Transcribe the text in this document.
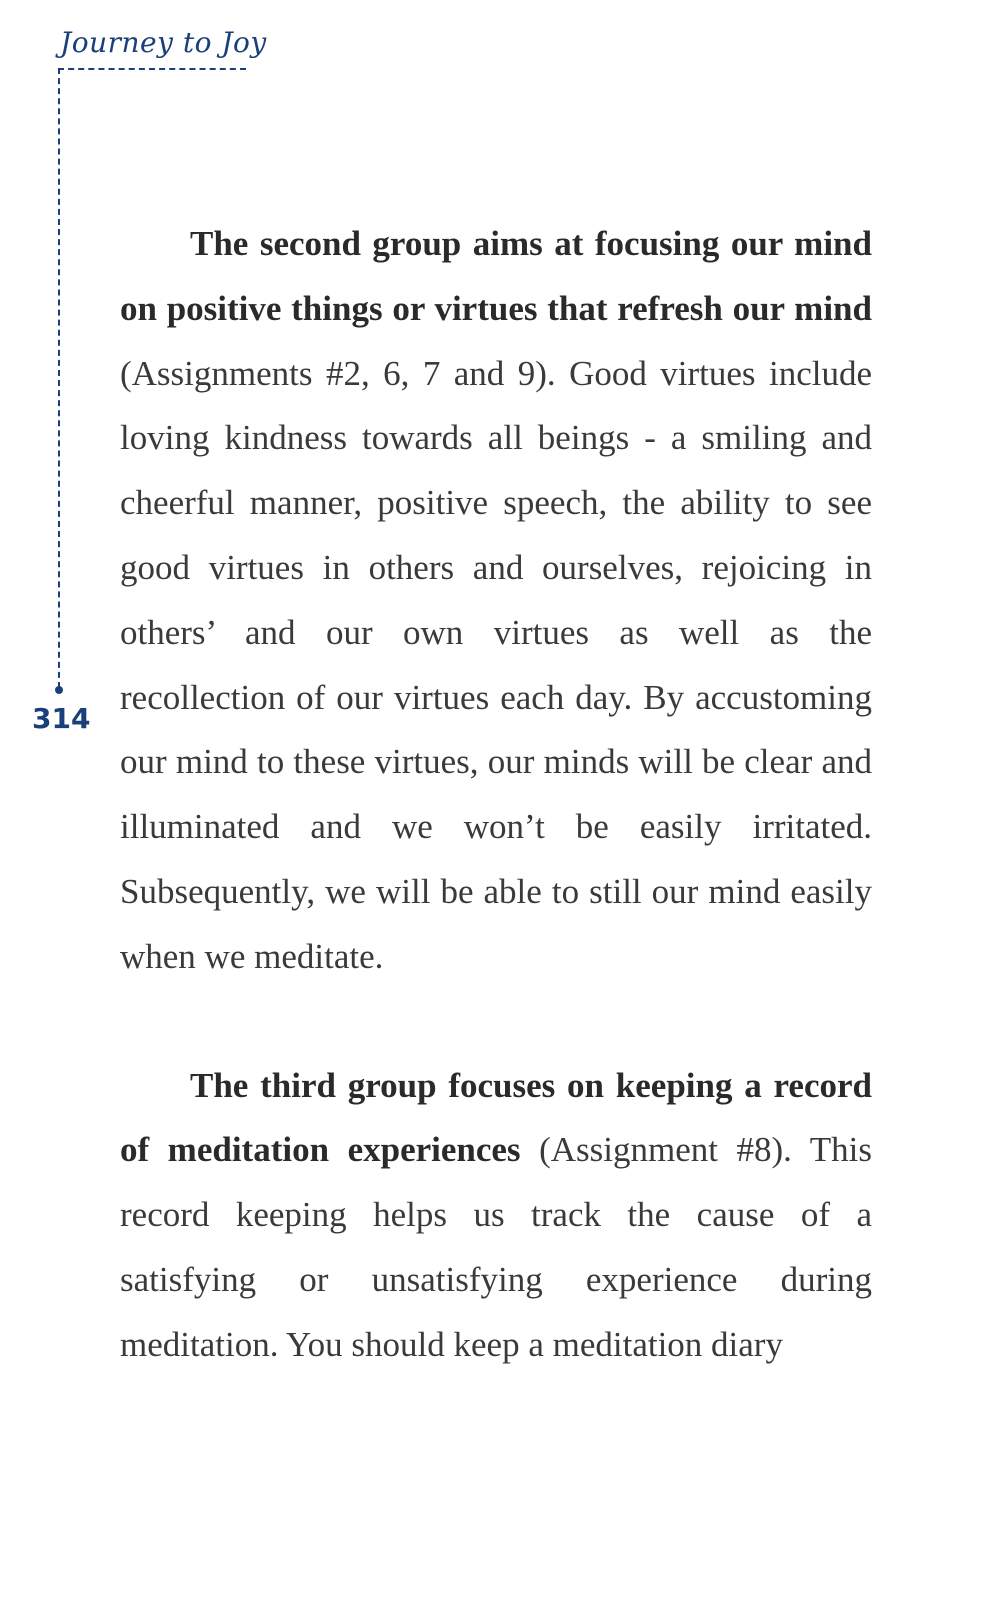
Journey to Joy
314

The second group aims at focusing our mind on positive things or virtues that refresh our mind (Assignments #2, 6, 7 and 9). Good virtues include loving kindness towards all beings - a smiling and cheerful manner, positive speech, the ability to see good virtues in others and ourselves, rejoicing in others’ and our own virtues as well as the recollection of our virtues each day. By accustoming our mind to these virtues, our minds will be clear and illuminated and we won’t be easily irritated. Subsequently, we will be able to still our mind easily when we meditate.

The third group focuses on keeping a record of meditation experiences (Assignment #8). This record keeping helps us track the cause of a satisfying or unsatisfying experience during meditation. You should keep a meditation diary
